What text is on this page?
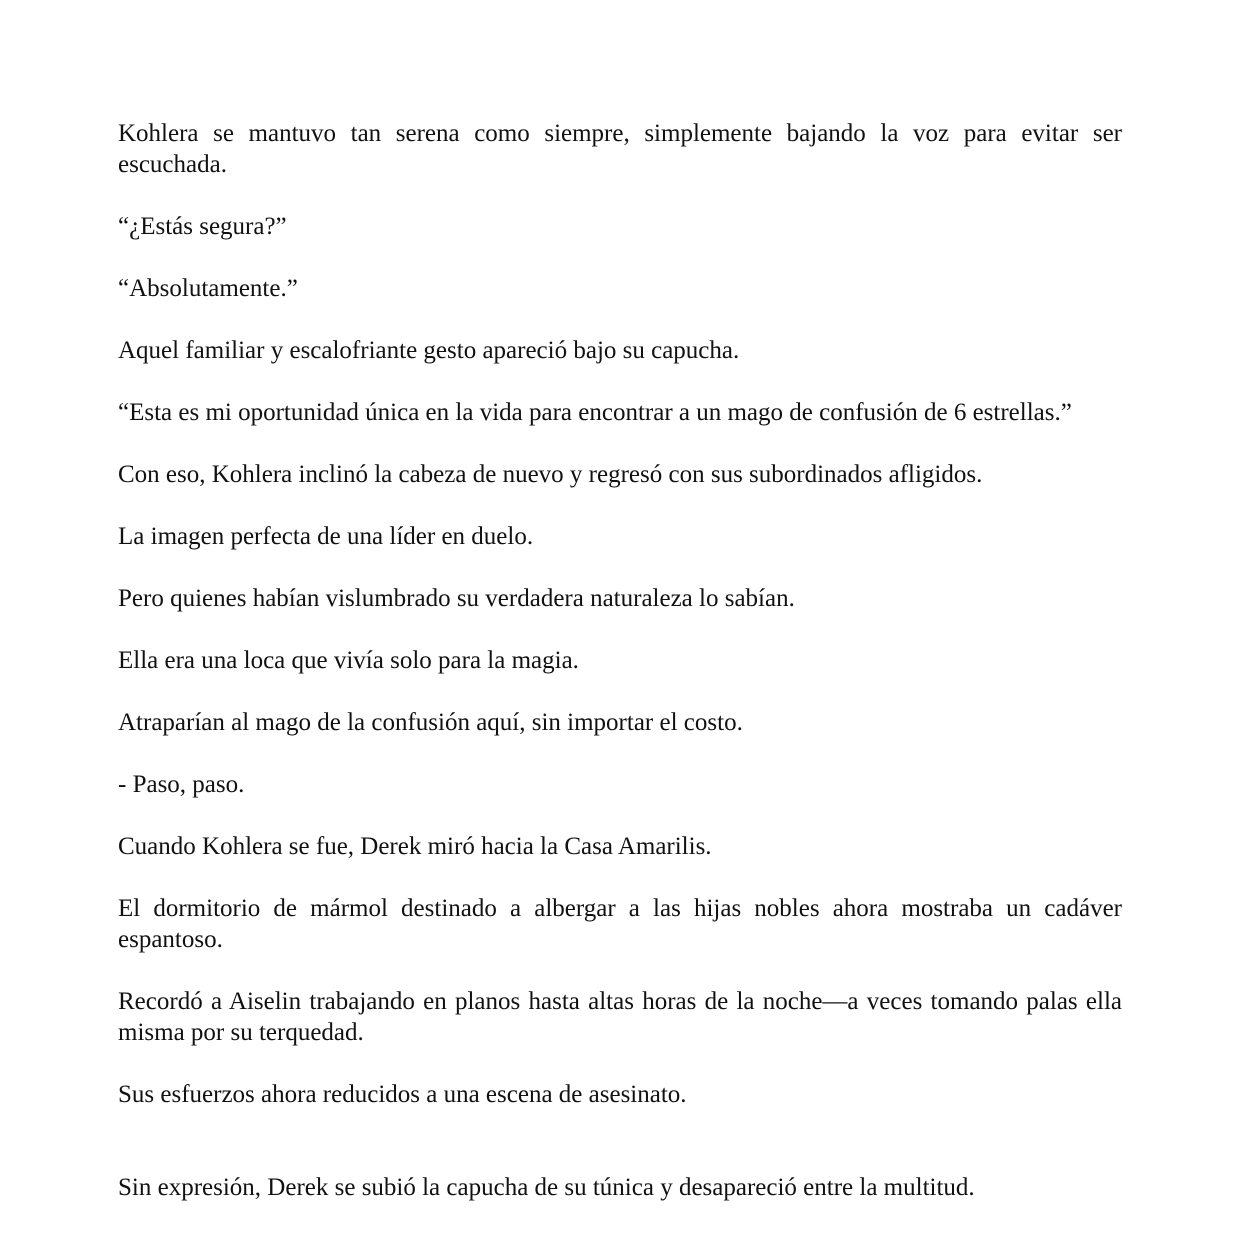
Kohlera se mantuvo tan serena como siempre, simplemente bajando la voz para evitar ser escuchada.

“¿Estás segura?”

“Absolutamente.”

Aquel familiar y escalofriante gesto apareció bajo su capucha.

“Esta es mi oportunidad única en la vida para encontrar a un mago de confusión de 6 estrellas.”

Con eso, Kohlera inclinó la cabeza de nuevo y regresó con sus subordinados afligidos.

La imagen perfecta de una líder en duelo.

Pero quienes habían vislumbrado su verdadera naturaleza lo sabían.

Ella era una loca que vivía solo para la magia.

Atraparían al mago de la confusión aquí, sin importar el costo.

- Paso, paso.

Cuando Kohlera se fue, Derek miró hacia la Casa Amarilis.

El dormitorio de mármol destinado a albergar a las hijas nobles ahora mostraba un cadáver espantoso.

Recordó a Aiselin trabajando en planos hasta altas horas de la noche—a veces tomando palas ella misma por su terquedad.

Sus esfuerzos ahora reducidos a una escena de asesinato.

Sin expresión, Derek se subió la capucha de su túnica y desapareció entre la multitud.
